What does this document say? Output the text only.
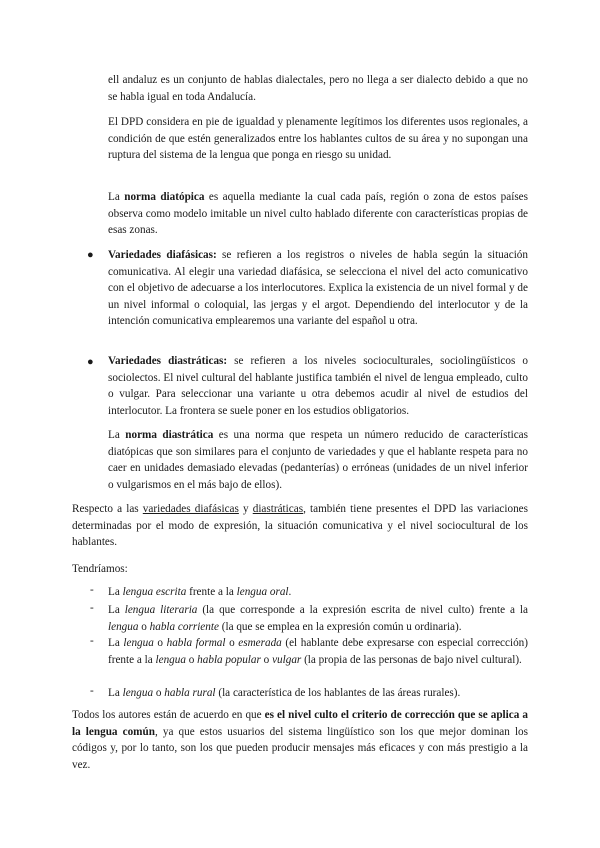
ell andaluz es un conjunto de hablas dialectales, pero no llega a ser dialecto debido a que no se habla igual en toda Andalucía.

El DPD considera en pie de igualdad y plenamente legítimos los diferentes usos regionales, a condición de que estén generalizados entre los hablantes cultos de su área y no supongan una ruptura del sistema de la lengua que ponga en riesgo su unidad.

La norma diatópica es aquella mediante la cual cada país, región o zona de estos países observa como modelo imitable un nivel culto hablado diferente con características propias de esas zonas.

● Variedades diafásicas: se refieren a los registros o niveles de habla según la situación comunicativa. Al elegir una variedad diafásica, se selecciona el nivel del acto comunicativo con el objetivo de adecuarse a los interlocutores. Explica la existencia de un nivel formal y de un nivel informal o coloquial, las jergas y el argot. Dependiendo del interlocutor y de la intención comunicativa emplearemos una variante del español u otra.

● Variedades diastráticas: se refieren a los niveles socioculturales, sociolingüísticos o sociolectos. El nivel cultural del hablante justifica también el nivel de lengua empleado, culto o vulgar. Para seleccionar una variante u otra debemos acudir al nivel de estudios del interlocutor. La frontera se suele poner en los estudios obligatorios.

La norma diastrática es una norma que respeta un número reducido de características diatópicas que son similares para el conjunto de variedades y que el hablante respeta para no caer en unidades demasiado elevadas (pedanterías) o erróneas (unidades de un nivel inferior o vulgarismos en el más bajo de ellos).

Respecto a las variedades diafásicas y diastráticas, también tiene presentes el DPD las variaciones determinadas por el modo de expresión, la situación comunicativa y el nivel sociocultural de los hablantes.

Tendríamos:

- La lengua escrita frente a la lengua oral.

- La lengua literaria (la que corresponde a la expresión escrita de nivel culto) frente a la lengua o habla corriente (la que se emplea en la expresión común u ordinaria).

- La lengua o habla formal o esmerada (el hablante debe expresarse con especial corrección) frente a la lengua o habla popular o vulgar (la propia de las personas de bajo nivel cultural).

- La lengua o habla rural (la característica de los hablantes de las áreas rurales).

Todos los autores están de acuerdo en que es el nivel culto el criterio de corrección que se aplica a la lengua común, ya que estos usuarios del sistema lingüístico son los que mejor dominan los códigos y, por lo tanto, son los que pueden producir mensajes más eficaces y con más prestigio a la vez.
